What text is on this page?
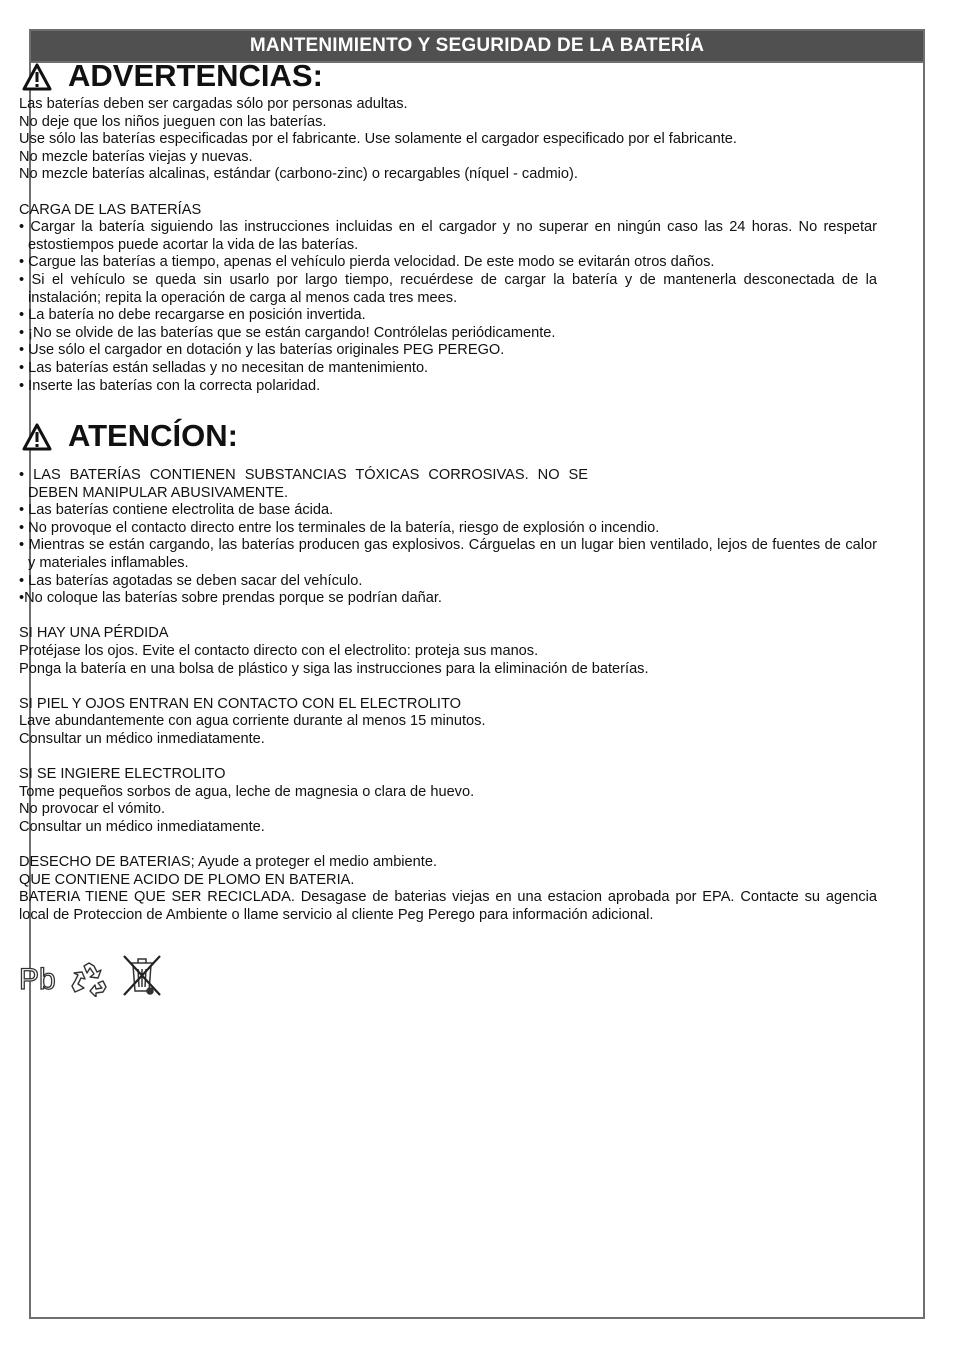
MANTENIMIENTO Y SEGURIDAD DE LA BATERÍA
ADVERTENCIAS:
Las baterías deben ser cargadas sólo por personas adultas.
No deje que los niños jueguen con las baterías.
Use sólo las baterías especificadas por el fabricante. Use solamente el cargador especificado por el fabricante.
No mezcle baterías viejas y nuevas.
No mezcle baterías alcalinas, estándar (carbono-zinc) o recargables (níquel - cadmio).
CARGA DE LAS BATERÍAS
• Cargar la batería siguiendo las instrucciones incluidas en el cargador y no superar en ningún caso las 24 horas. No respetar estostiempos puede acortar la vida de las baterías.
• Cargue las baterías a tiempo, apenas el vehículo pierda velocidad. De este modo se evitarán otros daños.
• Si el vehículo se queda sin usarlo por largo tiempo, recuérdese de cargar la batería y de mantenerla desconectada de la instalación; repita la operación de carga al menos cada tres mees.
• La batería no debe recargarse en posición invertida.
• ¡No se olvide de las baterías que se están cargando! Contrólelas periódicamente.
• Use sólo el cargador en dotación y las baterías originales PEG PEREGO.
• Las baterías están selladas y no necesitan de mantenimiento.
• Inserte las baterías con la correcta polaridad.
ATENCÍON:
• LAS BATERÍAS CONTIENEN SUBSTANCIAS TÓXICAS CORROSIVAS. NO SE DEBEN MANIPULAR ABUSIVAMENTE.
• Las baterías contiene electrolita de base ácida.
• No provoque el contacto directo entre los terminales de la batería, riesgo de explosión o incendio.
• Mientras se están cargando, las baterías producen gas explosivos. Cárguelas en un lugar bien ventilado, lejos de fuentes de calor y materiales inflamables.
• Las baterías agotadas se deben sacar del vehículo.
•No coloque las baterías sobre prendas porque se podrían dañar.
SI HAY UNA PÉRDIDA
Protéjase los ojos. Evite el contacto directo con el electrolito: proteja sus manos.
Ponga la batería en una bolsa de plástico y siga las instrucciones para la eliminación de baterías.
SI PIEL Y OJOS ENTRAN EN CONTACTO CON EL ELECTROLITO
Lave abundantemente con agua corriente durante al menos 15 minutos.
Consultar un médico inmediatamente.
SI SE INGIERE ELECTROLITO
Tome pequeños sorbos de agua, leche de magnesia o clara de huevo.
No provocar el vómito.
Consultar un médico inmediatamente.
DESECHO DE BATERIAS; Ayude a proteger el medio ambiente.
QUE CONTIENE ACIDO DE PLOMO EN BATERIA.
BATERIA TIENE QUE SER RECICLADA. Desagase de baterias viejas en una estacion aprobada por EPA. Contacte su agencia local de Proteccion de Ambiente o llame servicio al cliente Peg Perego para información adicional.
Pb
